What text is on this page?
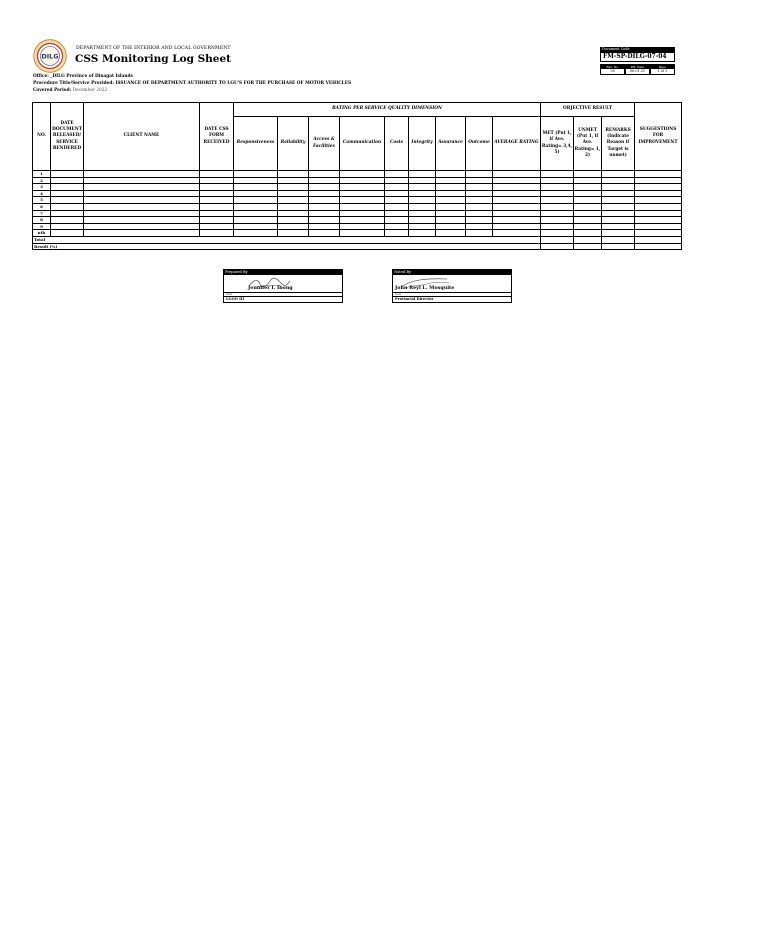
DILG
DEPARTMENT OF THE INTERIOR AND LOCAL GOVERNMENT
CSS Monitoring Log Sheet
Office: _DILG Province of Dinagat Islands
Procedure Title/Service Provided: ISSUANCE OF DEPARTMENT AUTHORITY TO LGU'S FOR THE PURCHASE OF MOTOR VEHICLES
Covered Period: December 2022
Document Code
FM-SP-DILG-07-04
Rev. No.
00
Eff. Date
06.01.21
Page
1 of 1
NO.	DATE DOCUMENT RELEASED/ SERVICE RENDERED	CLIENT NAME	DATE CSS FORM RECEIVED	RATING PER SERVICE QUALITY DIMENSION									OBJECTIVE RESULT			SUGGESTIONS FOR IMPROVEMENT
				Responsiveness	Reliability	Access & Facilities	Communication	Costs	Integrity	Assurance	Outcome	AVERAGE RATING	MET (Put 1, if Ave. Rating= 3,4, 5)	UNMET (Put 1, if Ave. Rating= 1, 2)	REMARKS (Indicate Reason if Target is unmet)	
1																
2																
3																
4																
5																
6																
7																
8																
9																
nth																
Total																
Result (%)																
Prepared By
Jennifer I. Ibong
Date
LGOO III
Noted By
John Reyl L. Mosquite
Date
Provincial Director
